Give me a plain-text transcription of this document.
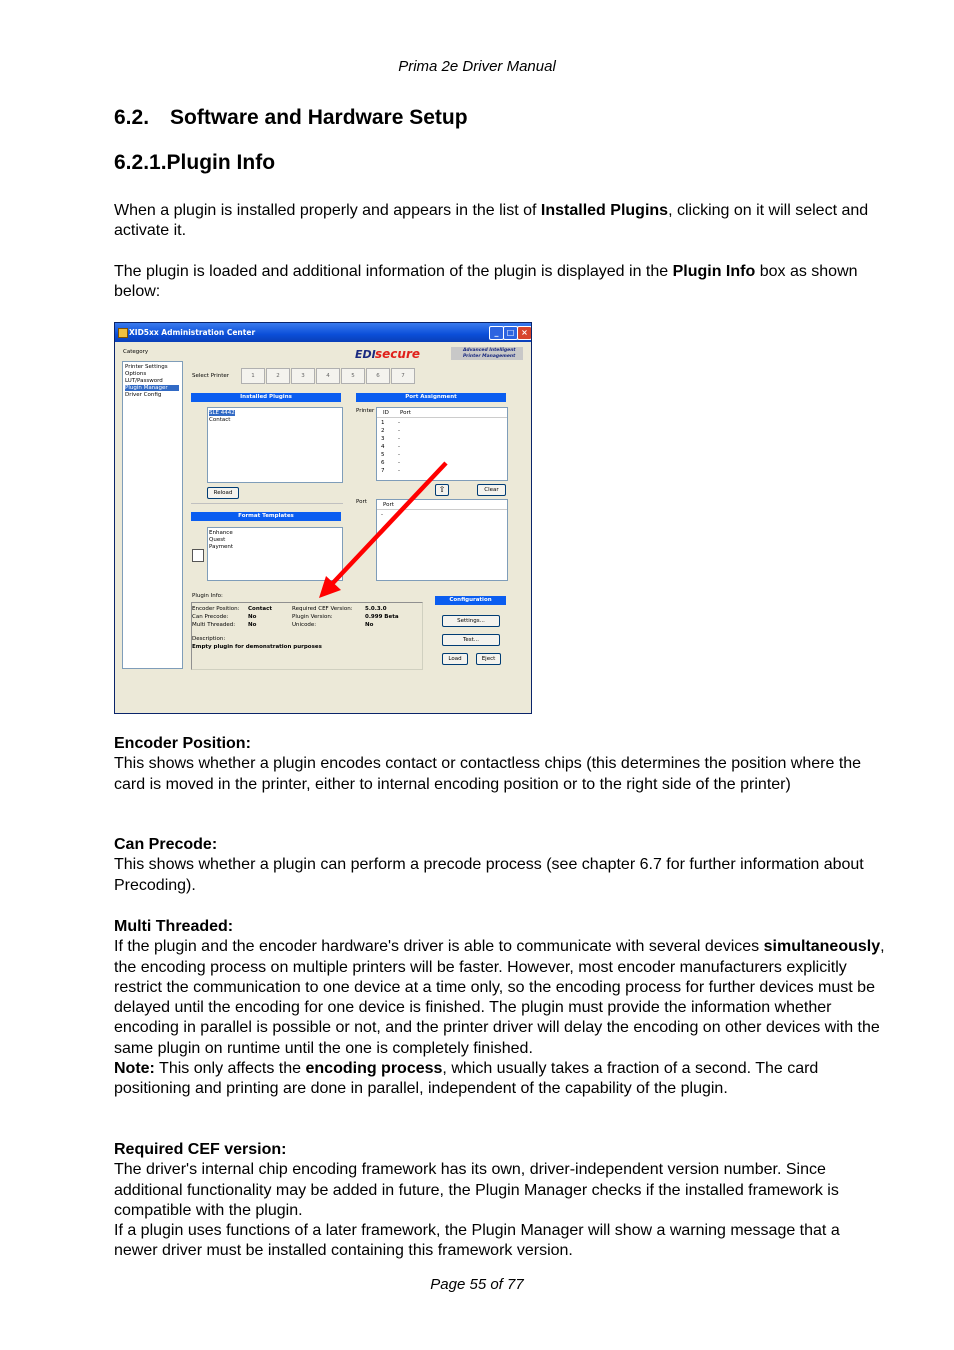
Prima 2e Driver Manual
6.2. Software and Hardware Setup
6.2.1.Plugin Info

When a plugin is installed properly and appears in the list of Installed Plugins, clicking on it will select and activate it.

The plugin is loaded and additional information of the plugin is displayed in the Plugin Info box as shown below:

XID5xx Administration Center	_	□ ×
Category
Printer Settings
Options
LUT/Password
Plugin Manager
Driver Config
EDI secure	Advanced Intelligent
Printer Management
Select Printer	1	2	3	4	5	6	7
Installed Plugins
SLE 4442
Contact
Reload
Format Templates
Enhance
Quest
Payment
Port Assignment
Printer ID Port
1 -
2 -
3 -
4 -
5 -
6 -
7 -
⇧	Clear
Port	Port
-
Plugin Info:
Encoder Position: Contact
Can Precode:	No
Multi Threaded: No
Required CEF Version: 5.0.3.0
Plugin Version:	0.999 Beta
Unicode:	No
Description:
Empty plugin for demonstration purposes
Configuration
Settings...
Test...
Load	Eject
Encoder Position:
This shows whether a plugin encodes contact or contactless chips (this determines the position where the card is moved in the printer, either to internal encoding position or to the right side of the printer)
Can Precode:
This shows whether a plugin can perform a precode process (see chapter 6.7 for further information about Precoding).
Multi Threaded:
If the plugin and the encoder hardware's driver is able to communicate with several devices simultaneously, the encoding process on multiple printers will be faster. However, most encoder manufacturers explicitly restrict the communication to one device at a time only, so the encoding process for further devices must be delayed until the encoding for one device is finished. The plugin must provide the information whether encoding in parallel is possible or not, and the printer driver will delay the encoding on other devices with the same plugin on runtime until the one is completely finished.
Note: This only affects the encoding process, which usually takes a fraction of a second. The card positioning and printing are done in parallel, independent of the capability of the plugin.
Required CEF version:
The driver's internal chip encoding framework has its own, driver-independent version number. Since additional functionality may be added in future, the Plugin Manager checks if the installed framework is compatible with the plugin.
If a plugin uses functions of a later framework, the Plugin Manager will show a warning message that a newer driver must be installed containing this framework version.
Page 55 of 77
